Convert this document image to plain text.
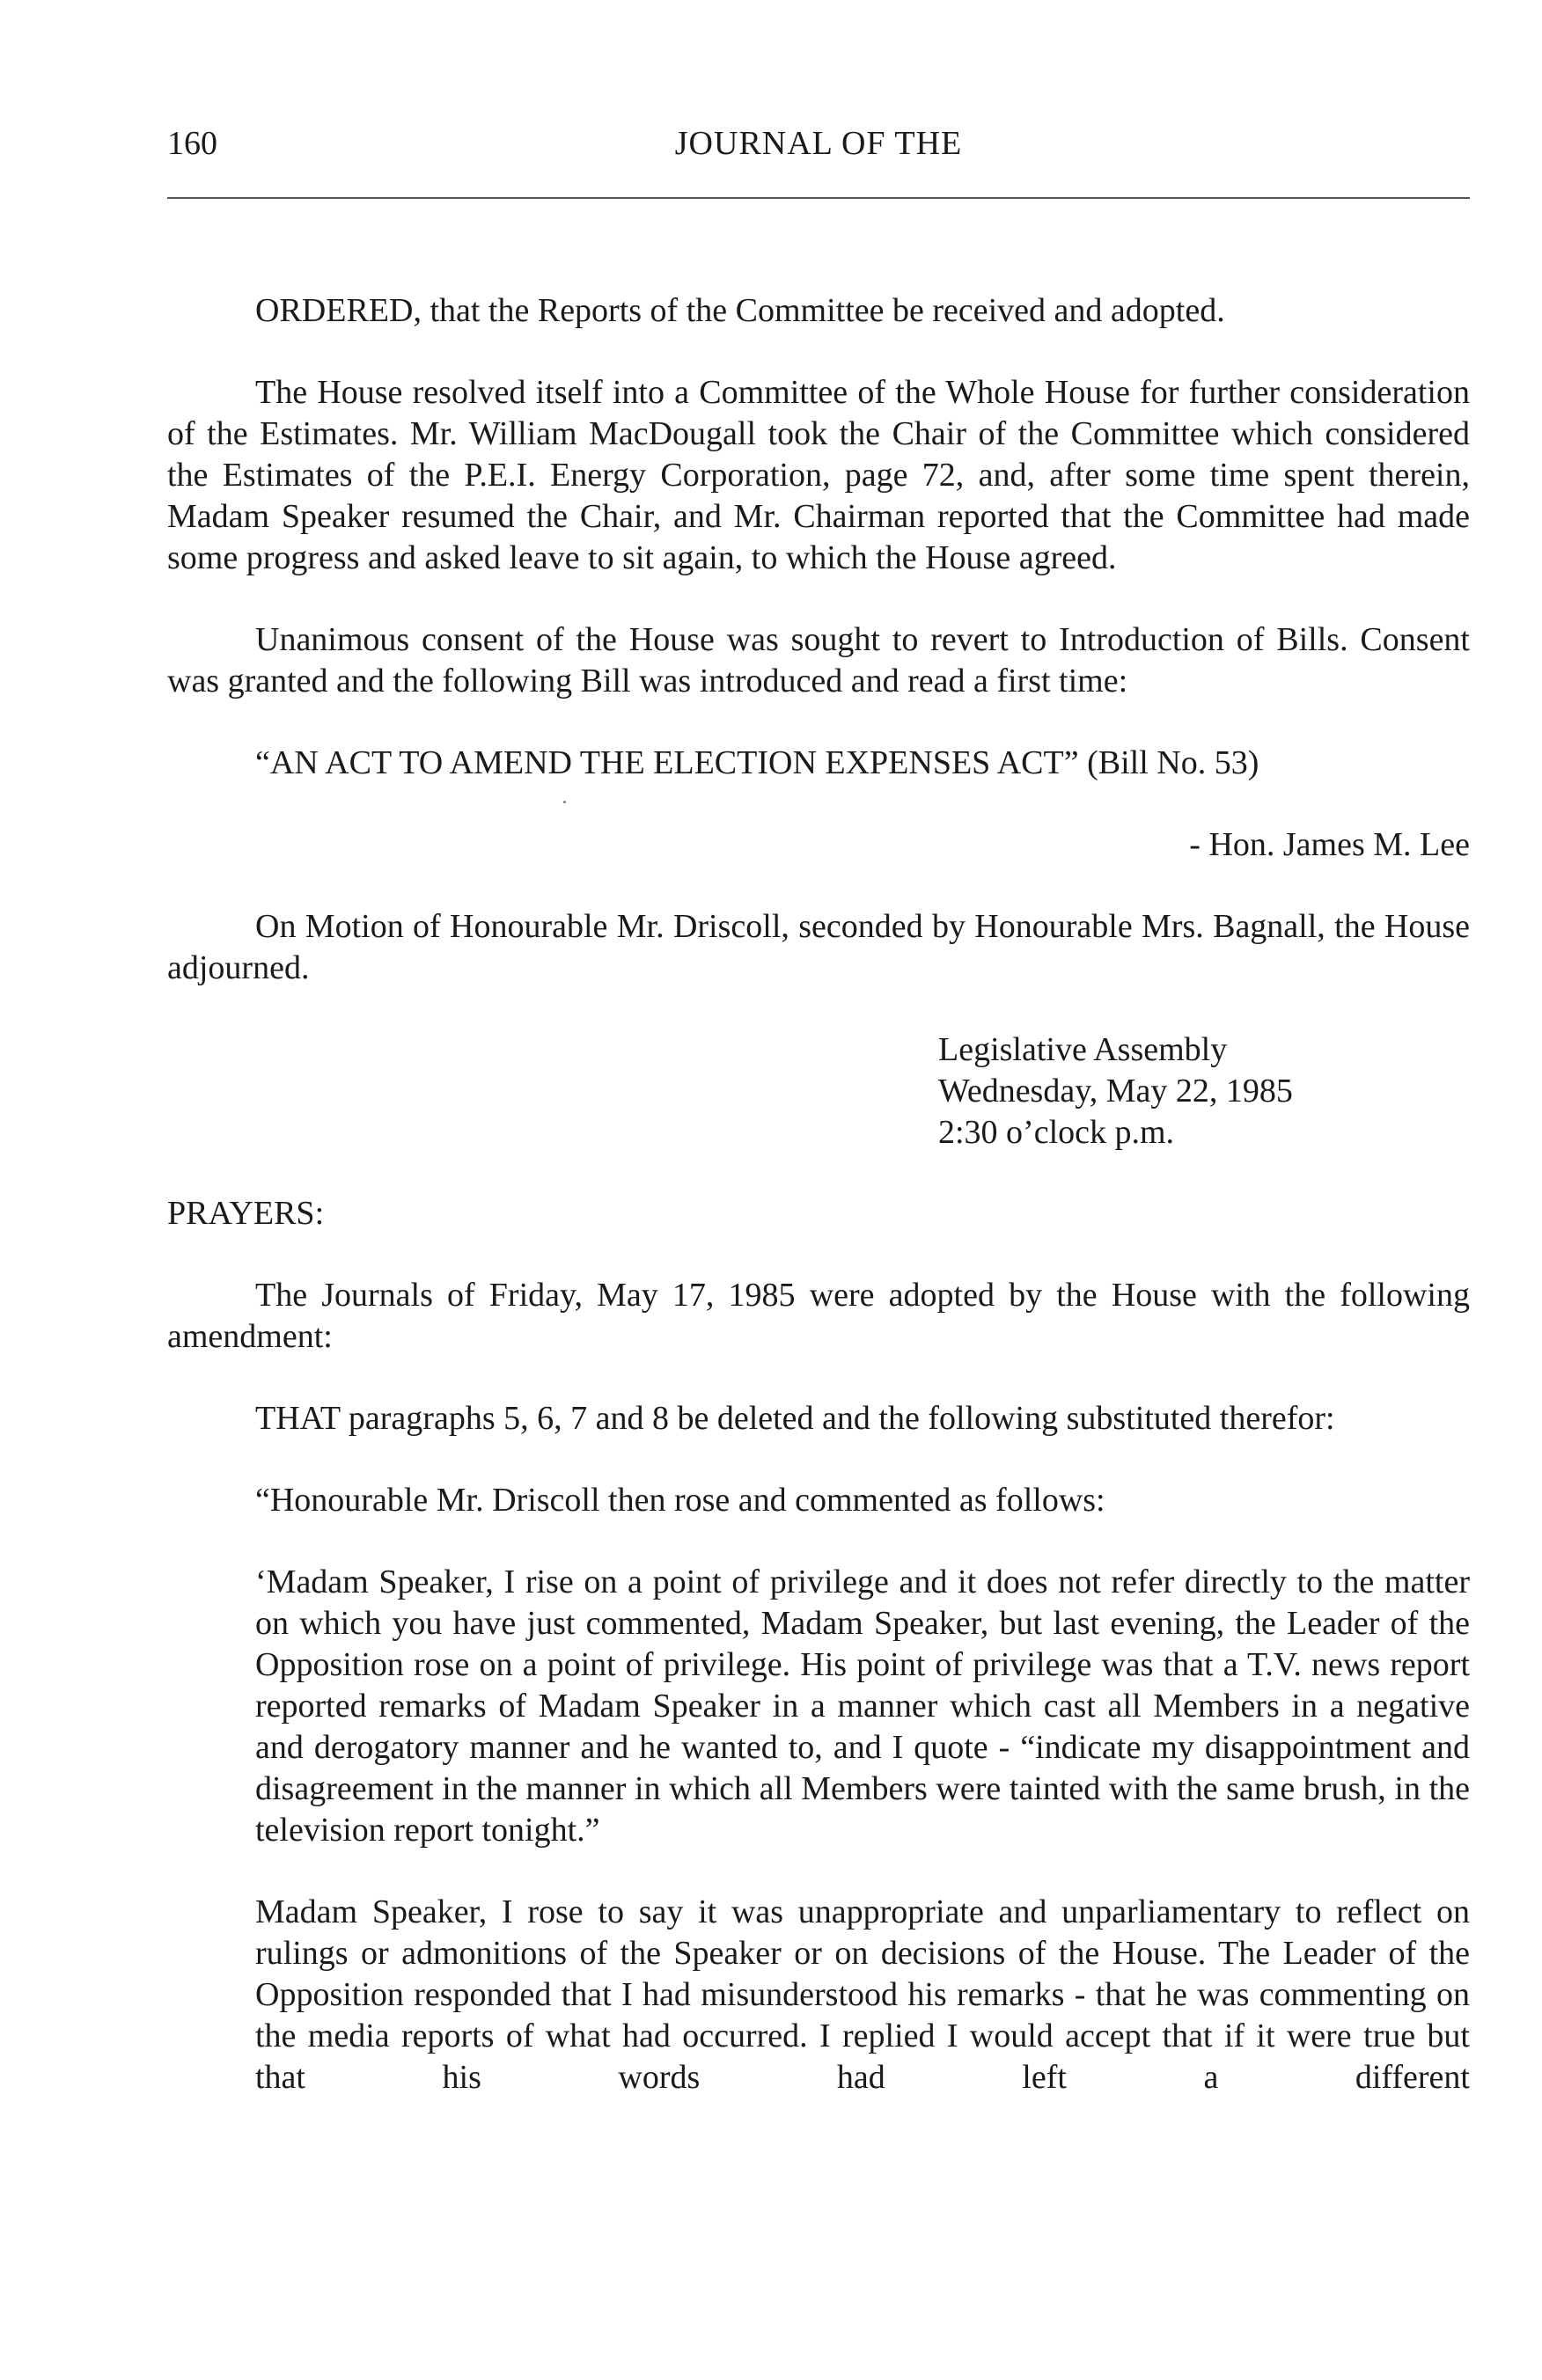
160	JOURNAL OF THE

ORDERED, that the Reports of the Committee be received and adopted.

The House resolved itself into a Committee of the Whole House for further consideration of the Estimates. Mr. William MacDougall took the Chair of the Committee which considered the Estimates of the P.E.I. Energy Corporation, page 72, and, after some time spent therein, Madam Speaker resumed the Chair, and Mr. Chairman reported that the Committee had made some progress and asked leave to sit again, to which the House agreed.

Unanimous consent of the House was sought to revert to Introduction of Bills. Consent was granted and the following Bill was introduced and read a first time:

“AN ACT TO AMEND THE ELECTION EXPENSES ACT” (Bill No. 53)

- Hon. James M. Lee

On Motion of Honourable Mr. Driscoll, seconded by Honourable Mrs. Bagnall, the House adjourned.

Legislative Assembly
Wednesday, May 22, 1985
2:30 o’clock p.m.

PRAYERS:

The Journals of Friday, May 17, 1985 were adopted by the House with the following amendment:

THAT paragraphs 5, 6, 7 and 8 be deleted and the following substituted therefor:

“Honourable Mr. Driscoll then rose and commented as follows:

‘Madam Speaker, I rise on a point of privilege and it does not refer directly to the matter on which you have just commented, Madam Speaker, but last evening, the Leader of the Opposition rose on a point of privilege. His point of privilege was that a T.V. news report reported remarks of Madam Speaker in a manner which cast all Members in a negative and derogatory manner and he wanted to, and I quote - “indicate my disappointment and disagreement in the manner in which all Members were tainted with the same brush, in the television report tonight.”

Madam Speaker, I rose to say it was unappropriate and unparliamentary to reflect on rulings or admonitions of the Speaker or on decisions of the House. The Leader of the Opposition responded that I had misunderstood his remarks - that he was commenting on the media reports of what had occurred. I replied I would accept that if it were true but that his words had left a different
